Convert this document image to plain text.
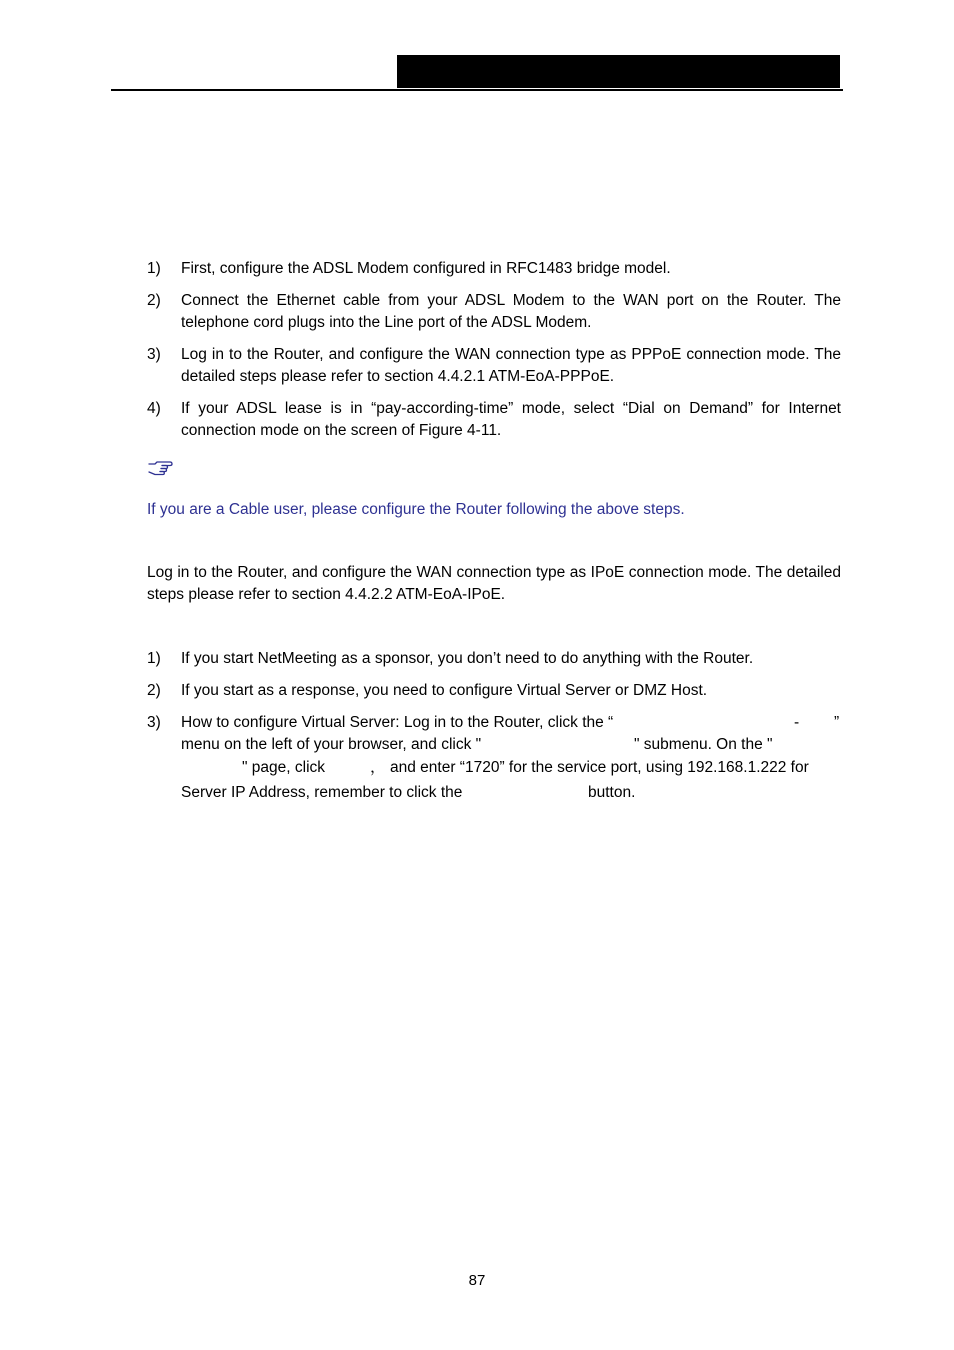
1) First, configure the ADSL Modem configured in RFC1483 bridge model.
2) Connect the Ethernet cable from your ADSL Modem to the WAN port on the Router. The telephone cord plugs into the Line port of the ADSL Modem.
3) Log in to the Router, and configure the WAN connection type as PPPoE connection mode. The detailed steps please refer to section 4.4.2.1 ATM-EoA-PPPoE.
4) If your ADSL lease is in “pay-according-time” mode, select “Dial on Demand” for Internet connection mode on the screen of Figure 4-11.
If you are a Cable user, please configure the Router following the above steps.
Log in to the Router, and configure the WAN connection type as IPoE connection mode. The detailed steps please refer to section 4.4.2.2 ATM-EoA-IPoE.
1) If you start NetMeeting as a sponsor, you don’t need to do anything with the Router.
2) If you start as a response, you need to configure Virtual Server or DMZ Host.
3) How to configure Virtual Server: Log in to the Router, click the “	- ”
menu on the left of your browser, and click "	" submenu. On the "
" page, click	， and enter “1720” for the service port, using 192.168.1.222 for
Server IP Address, remember to click the	button.
87
